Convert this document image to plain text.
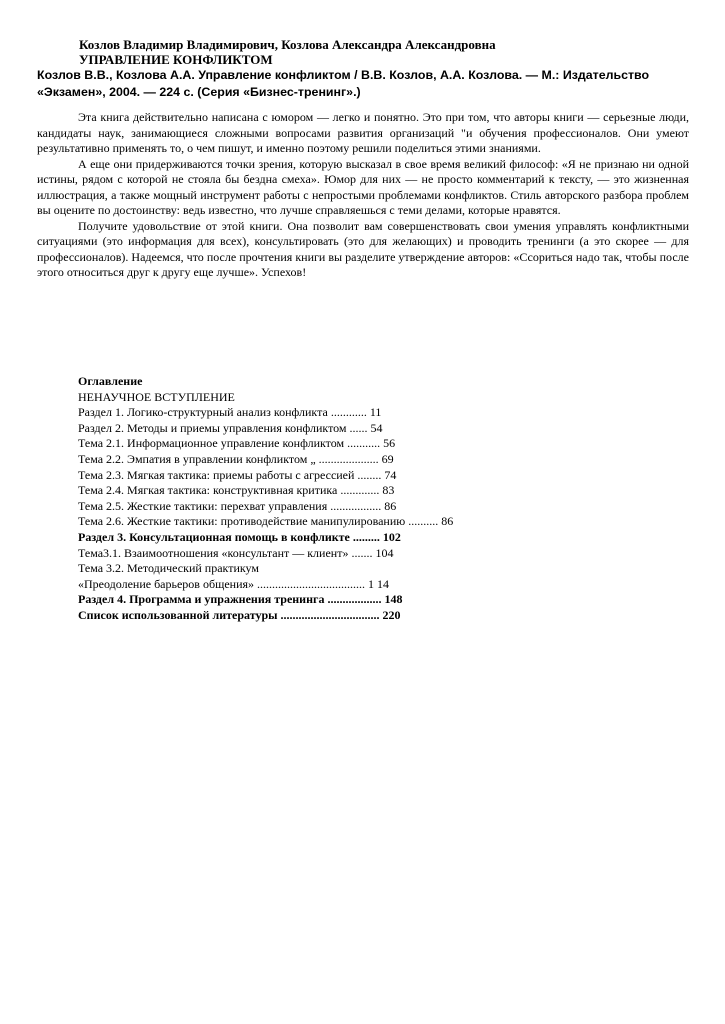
Козлов Владимир Владимирович, Козлова Александра Александровна
УПРАВЛЕНИЕ КОНФЛИКТОМ
Козлов В.В., Козлова А.А. Управление конфликтом / В.В. Козлов, А.А. Козлова. — М.: Издательство «Экзамен», 2004. — 224 с. (Серия «Бизнес-тренинг».)

Эта книга действительно написана с юмором — легко и понятно. Это при том, что авторы книги — серьезные люди, кандидаты наук, занимающиеся сложными вопросами развития организаций "и обучения профессионалов. Они умеют результативно применять то, о чем пишут, и именно поэтому решили поделиться этими знаниями.

А еще они придерживаются точки зрения, которую высказал в свое время великий философ: «Я не признаю ни одной истины, рядом с которой не стояла бы бездна смеха». Юмор для них — не просто комментарий к тексту, — это жизненная иллюстрация, а также мощный инструмент работы с непростыми проблемами конфликтов. Стиль авторского разбора проблем вы оцените по достоинству: ведь известно, что лучше справляешься с теми делами, которые нравятся.

Получите удовольствие от этой книги. Она позволит вам совершенствовать свои умения управлять конфликтными ситуациями (это информация для всех), консультировать (это для желающих) и проводить тренинги (а это скорее — для профессионалов). Надеемся, что после прочтения книги вы разделите утверждение авторов: «Ссориться надо так, чтобы после этого относиться друг к другу еще лучше». Успехов!

Оглавление
НЕНАУЧНОЕ ВСТУПЛЕНИЕ
Раздел 1. Логико-структурный анализ конфликта ............ 11
Раздел 2. Методы и приемы управления конфликтом ...... 54
Тема 2.1. Информационное управление конфликтом ........... 56
Тема 2.2. Эмпатия в управлении конфликтом „ .................... 69
Тема 2.3. Мягкая тактика: приемы работы с агрессией ........ 74
Тема 2.4. Мягкая тактика: конструктивная критика ............. 83
Тема 2.5. Жесткие тактики: перехват управления ................. 86
Тема 2.6. Жесткие тактики: противодействие манипулированию .......... 86
Раздел 3. Консультационная помощь в конфликте ......... 102
Тема3.1. Взаимоотношения «консультант — клиент» ....... 104
Тема 3.2. Методический практикум
«Преодоление барьеров общения» .................................... 1 14
Раздел 4. Программа и упражнения тренинга .................. 148
Список использованной литературы ................................. 220
